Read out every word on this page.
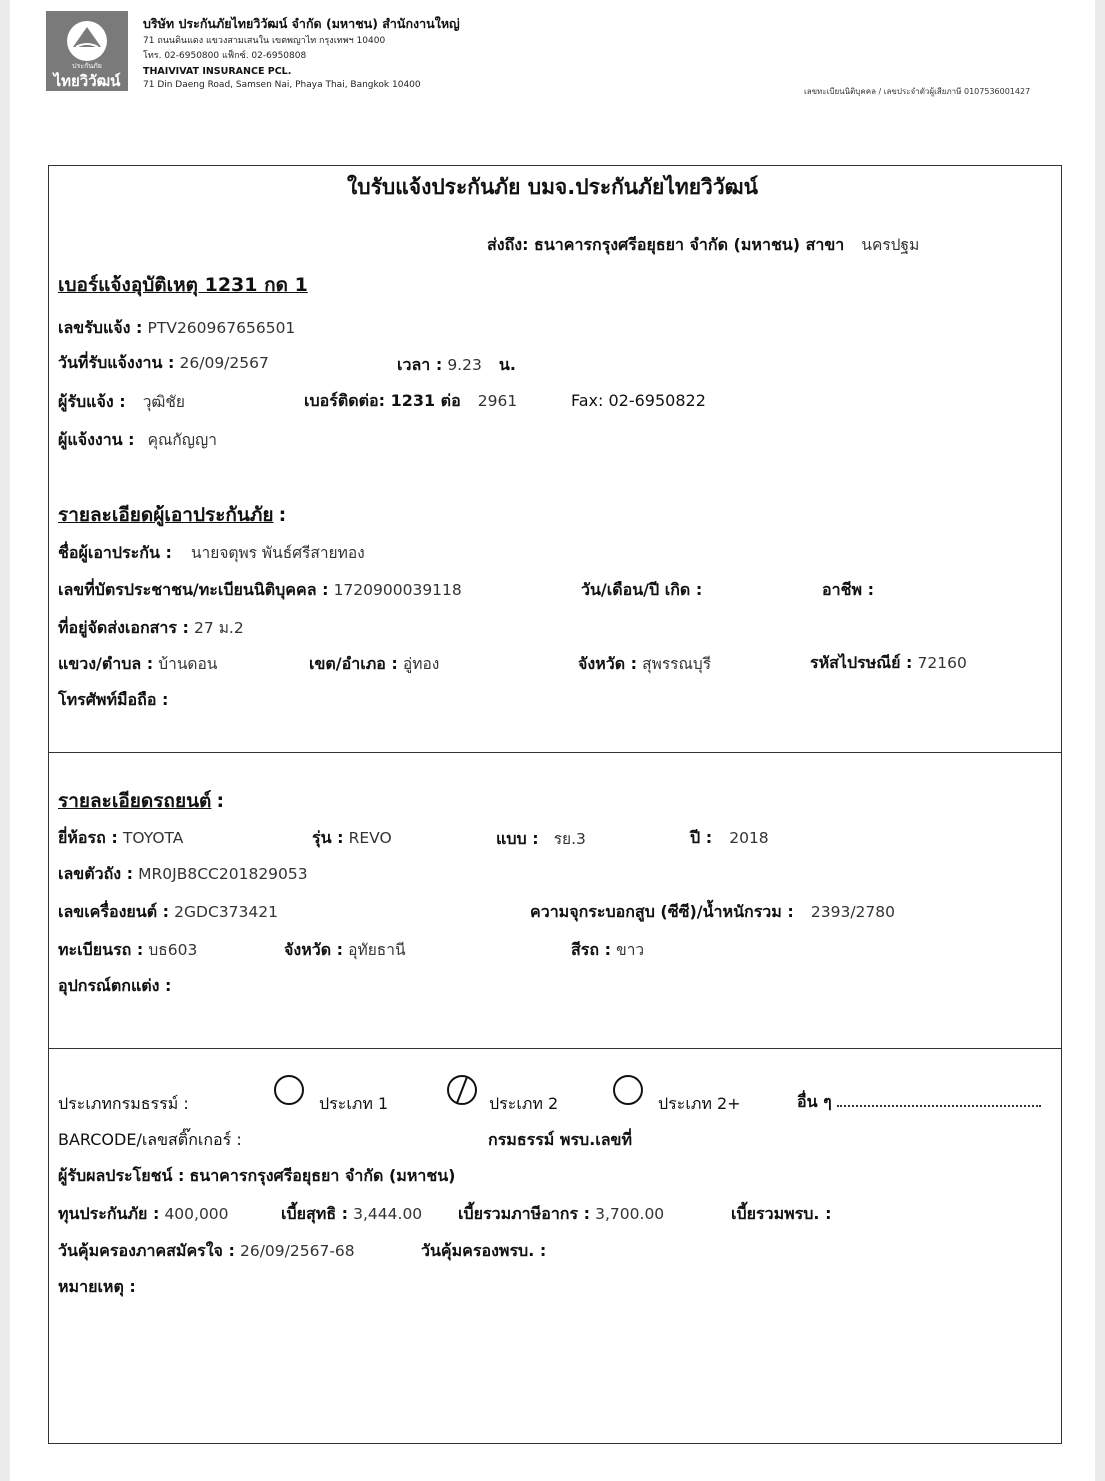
ประกันภัย
ไทยวิวัฒน์
บริษัท ประกันภัยไทยวิวัฒน์ จำกัด (มหาชน) สำนักงานใหญ่
71 ถนนดินแดง แขวงสามเสนใน เขตพญาไท กรุงเทพฯ 10400
โทร. 02-6950800 แฟ็กซ์. 02-6950808
THAIVIVAT INSURANCE PCL.
71 Din Daeng Road, Samsen Nai, Phaya Thai, Bangkok 10400
เลขทะเบียนนิติบุคคล / เลขประจำตัวผู้เสียภาษี 0107536001427
ใบรับแจ้งประกันภัย บมจ.ประกันภัยไทยวิวัฒน์
ส่งถึง: ธนาคารกรุงศรีอยุธยา จำกัด (มหาชน) สาขา นครปฐม
เบอร์แจ้งอุบัติเหตุ 1231 กด 1
เลขรับแจ้ง : PTV260967656501
วันที่รับแจ้งงาน : 26/09/2567	เวลา : 9.23 น.
ผู้รับแจ้ง : วุฒิชัย	เบอร์ติดต่อ: 1231 ต่อ 2961	Fax: 02-6950822
ผู้แจ้งงาน : คุณกัญญา
รายละเอียดผู้เอาประกันภัย :
ชื่อผู้เอาประกัน : นายจตุพร พันธ์ศรีสายทอง
เลขที่บัตรประชาชน/ทะเบียนนิติบุคคล : 1720900039118	วัน/เดือน/ปี เกิด :	อาชีพ :
ที่อยู่จัดส่งเอกสาร : 27 ม.2
แขวง/ตำบล : บ้านดอน	เขต/อำเภอ : อู่ทอง	จังหวัด : สุพรรณบุรี	รหัสไปรษณีย์ : 72160
โทรศัพท์มือถือ :
รายละเอียดรถยนต์ :
ยี่ห้อรถ : TOYOTA	รุ่น : REVO	แบบ : รย.3	ปี : 2018
เลขตัวถัง : MR0JB8CC201829053
เลขเครื่องยนต์ : 2GDC373421	ความจุกระบอกสูบ (ซีซี)/น้ำหนักรวม : 2393/2780
ทะเบียนรถ : บธ603	จังหวัด : อุทัยธานี	สีรถ : ขาว
อุปกรณ์ตกแต่ง :
ประเภทกรมธรรม์ :	ประเภท 1	ประเภท 2	ประเภท 2+	อื่น ๆ
BARCODE/เลขสติ๊กเกอร์ :	กรมธรรม์ พรบ.เลขที่
ผู้รับผลประโยชน์ : ธนาคารกรุงศรีอยุธยา จำกัด (มหาชน)
ทุนประกันภัย : 400,000	เบี้ยสุทธิ : 3,444.00 เบี้ยรวมภาษีอากร : 3,700.00	เบี้ยรวมพรบ. :
วันคุ้มครองภาคสมัครใจ : 26/09/2567-68	วันคุ้มครองพรบ. :
หมายเหตุ :
